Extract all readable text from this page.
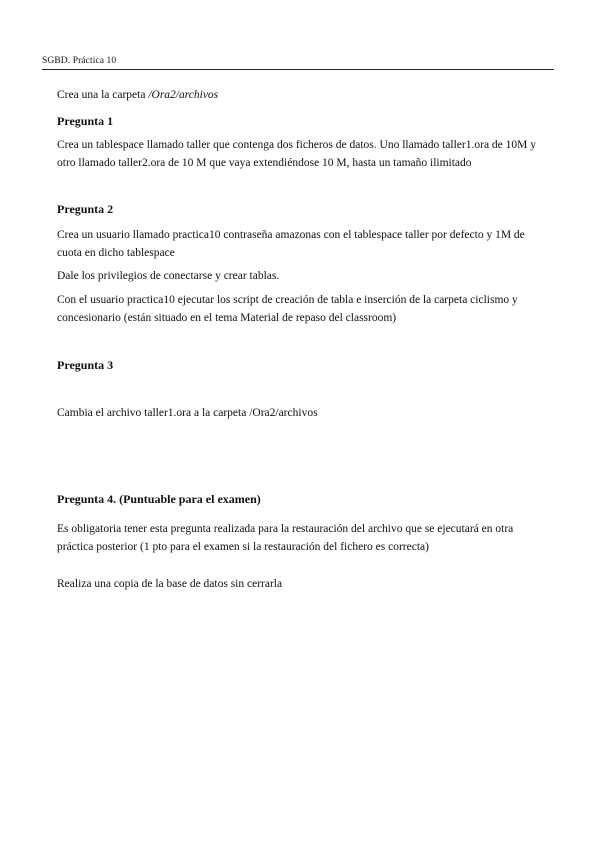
SGBD. Práctica 10

Crea una la carpeta /Ora2/archivos

Pregunta 1

Crea un tablespace llamado taller que contenga dos ficheros de datos. Uno llamado taller1.ora de 10M y otro llamado taller2.ora de 10 M que vaya extendiéndose 10 M, hasta un tamaño ilimitado

Pregunta 2

Crea un usuario llamado practica10 contraseña amazonas con el tablespace taller por defecto y 1M de cuota en dicho tablespace

Dale los privilegios de conectarse y crear tablas.

Con el usuario practica10 ejecutar los script de creación de tabla e inserción de la carpeta ciclismo y concesionario (están situado en el tema Material de repaso del classroom)

Pregunta 3

Cambia el archivo taller1.ora a la carpeta /Ora2/archivos

Pregunta 4. (Puntuable para el examen)

Es obligatoria tener esta pregunta realizada para la restauración del archivo que se ejecutará en otra práctica posterior (1 pto para el examen si la restauración del fichero es correcta)

Realiza una copia de la base de datos sin cerrarla
